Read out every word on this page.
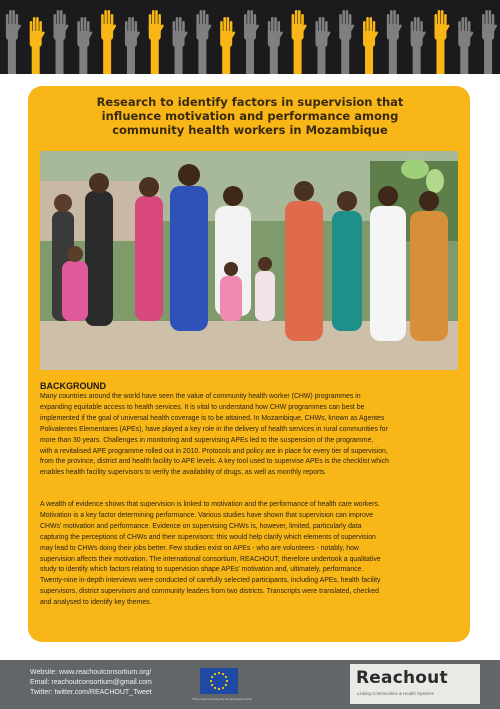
Research to identify factors in supervision that
influence motivation and performance among
community health workers in Mozambique
BACKGROUND

Many countries around the world have seen the value of community health worker (CHW) programmes in
expanding equitable access to health services. It is vital to understand how CHW programmes can best be
implemented if the goal of universal health coverage is to be attained. In Mozambique, CHWs, known as Agentes
Polivalentes Elementares (APEs), have played a key role in the delivery of health services in rural communities for
more than 30 years. Challenges in monitoring and supervising APEs led to the suspension of the programme,
with a revitalised APE programme rolled out in 2010. Protocols and policy are in place for every tier of supervision,
from the province, district and health facility to APE levels. A key tool used to supervise APEs is the checklist which
enables health facility supervisors to verify the availability of drugs, as well as monthly reports.

A wealth of evidence shows that supervision is linked to motivation and the performance of health care workers.
Motivation is a key factor determining performance. Various studies have shown that supervision can improve
CHWs' motivation and performance. Evidence on supervising CHWs is, however, limited, particularly data
capturing the perceptions of CHWs and their supervisors: this would help clarify which elements of supervision
may lead to CHWs doing their jobs better. Few studies exist on APEs - who are volunteers - notably, how
supervision affects their motivation. The international consortium, REACHOUT, therefore undertook a qualitative
study to identify which factors relating to supervision shape APEs' motivation and, ultimately, performance.
Twenty-nine in-depth interviews were conducted of carefully selected participants, including APEs, health facility
supervisors, district supervisors and community leaders from two districts. Transcripts were translated, checked
and analysed to identify key themes.

Website: www.reachoutconsortium.org/
Email: reachoutconsortium@gmail.com
Twitter: twitter.com/REACHOUT_Tweet
This project is funded by the European Union
Reachout
Linking Communities & Health Systems
